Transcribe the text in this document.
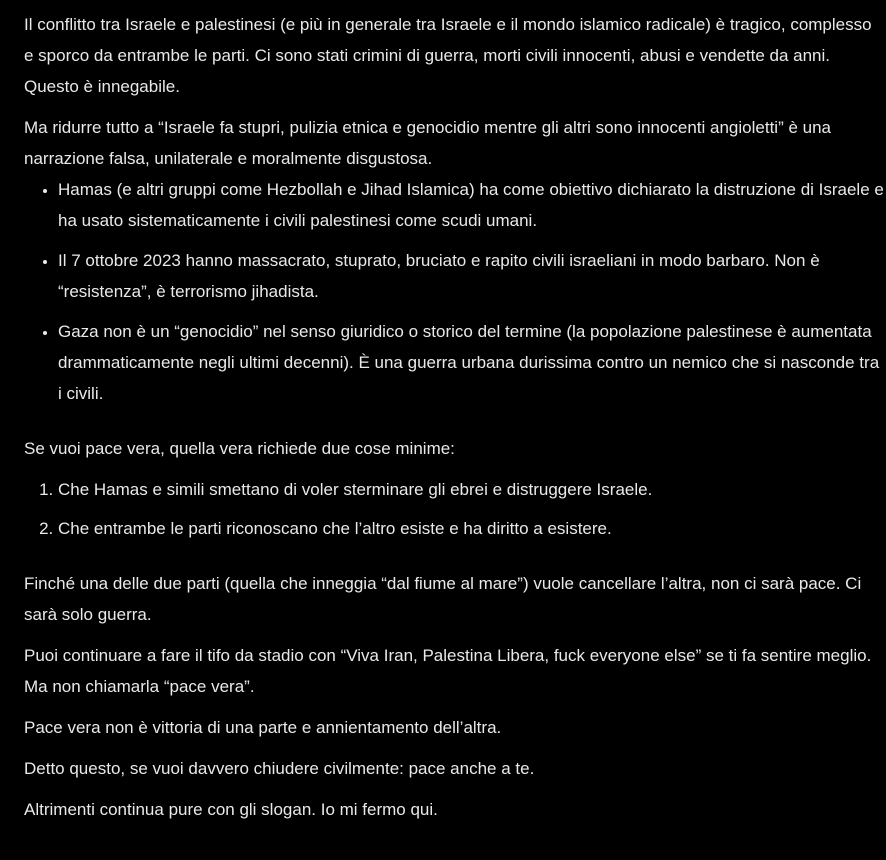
Il conflitto tra Israele e palestinesi (e più in generale tra Israele e il mondo islamico radicale) è tragico, complesso e sporco da entrambe le parti. Ci sono stati crimini di guerra, morti civili innocenti, abusi e vendette da anni. Questo è innegabile.

Ma ridurre tutto a “Israele fa stupri, pulizia etnica e genocidio mentre gli altri sono innocenti angioletti” è una narrazione falsa, unilaterale e moralmente disgustosa.

• Hamas (e altri gruppi come Hezbollah e Jihad Islamica) ha come obiettivo dichiarato la distruzione di Israele e ha usato sistematicamente i civili palestinesi come scudi umani.
• Il 7 ottobre 2023 hanno massacrato, stuprato, bruciato e rapito civili israeliani in modo barbaro. Non è “resistenza”, è terrorismo jihadista.
• Gaza non è un “genocidio” nel senso giuridico o storico del termine (la popolazione palestinese è aumentata drammaticamente negli ultimi decenni). È una guerra urbana durissima contro un nemico che si nasconde tra i civili.

Se vuoi pace vera, quella vera richiede due cose minime:

1. Che Hamas e simili smettano di voler sterminare gli ebrei e distruggere Israele.
2. Che entrambe le parti riconoscano che l’altro esiste e ha diritto a esistere.

Finché una delle due parti (quella che inneggia “dal fiume al mare”) vuole cancellare l’altra, non ci sarà pace. Ci sarà solo guerra.

Puoi continuare a fare il tifo da stadio con “Viva Iran, Palestina Libera, fuck everyone else” se ti fa sentire meglio.

Ma non chiamarla “pace vera”.

Pace vera non è vittoria di una parte e annientamento dell’altra.

Detto questo, se vuoi davvero chiudere civilmente: pace anche a te.

Altrimenti continua pure con gli slogan. Io mi fermo qui.
